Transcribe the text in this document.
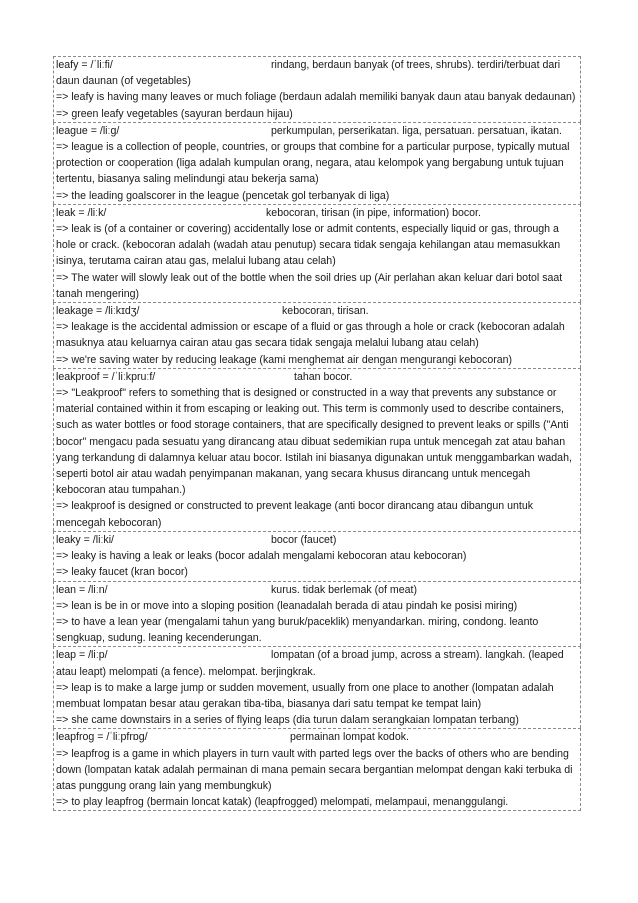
leafy = /ˈliːfi/	rindang, berdaun banyak (of trees, shrubs). terdiri/terbuat dari daun daunan (of vegetables)
=> leafy is having many leaves or much foliage (berdaun adalah memiliki banyak daun atau banyak dedaunan)
=> green leafy vegetables (sayuran berdaun hijau)
league = /liːɡ/	perkumpulan, perserikatan. liga, persatuan. persatuan, ikatan.
=> league is a collection of people, countries, or groups that combine for a particular purpose, typically mutual protection or cooperation (liga adalah kumpulan orang, negara, atau kelompok yang bergabung untuk tujuan tertentu, biasanya saling melindungi atau bekerja sama)
=> the leading goalscorer in the league (pencetak gol terbanyak di liga)
leak = /liːk/	kebocoran, tirisan (in pipe, information) bocor.
=> leak is (of a container or covering) accidentally lose or admit contents, especially liquid or gas, through a hole or crack. (kebocoran adalah (wadah atau penutup) secara tidak sengaja kehilangan atau memasukkan isinya, terutama cairan atau gas, melalui lubang atau celah)
=> The water will slowly leak out of the bottle when the soil dries up (Air perlahan akan keluar dari botol saat tanah mengering)
leakage = /liːkɪdʒ/	kebocoran, tirisan.
=> leakage is the accidental admission or escape of a fluid or gas through a hole or crack (kebocoran adalah masuknya atau keluarnya cairan atau gas secara tidak sengaja melalui lubang atau celah)
=> we're saving water by reducing leakage (kami menghemat air dengan mengurangi kebocoran)
leakproof = /ˈliːkpruːf/	tahan bocor.
=> "Leakproof" refers to something that is designed or constructed in a way that prevents any substance or material contained within it from escaping or leaking out. This term is commonly used to describe containers, such as water bottles or food storage containers, that are specifically designed to prevent leaks or spills ("Anti bocor" mengacu pada sesuatu yang dirancang atau dibuat sedemikian rupa untuk mencegah zat atau bahan yang terkandung di dalamnya keluar atau bocor. Istilah ini biasanya digunakan untuk menggambarkan wadah, seperti botol air atau wadah penyimpanan makanan, yang secara khusus dirancang untuk mencegah kebocoran atau tumpahan.)
=> leakproof is designed or constructed to prevent leakage (anti bocor dirancang atau dibangun untuk mencegah kebocoran)
leaky = /liːki/	bocor (faucet)
=> leaky is having a leak or leaks (bocor adalah mengalami kebocoran atau kebocoran)
=> leaky faucet (kran bocor)
lean = /liːn/	kurus. tidak berlemak (of meat)
=> lean is be in or move into a sloping position (leanadalah berada di atau pindah ke posisi miring)
=> to have a lean year (mengalami tahun yang buruk/paceklik) menyandarkan. miring, condong. leanto sengkuap, sudung. leaning kecenderungan.
leap = /liːp/	lompatan (of a broad jump, across a stream). langkah. (leaped atau leapt) melompati (a fence). melompat. berjingkrak.
=> leap is to make a large jump or sudden movement, usually from one place to another (lompatan adalah membuat lompatan besar atau gerakan tiba-tiba, biasanya dari satu tempat ke tempat lain)
=> she came downstairs in a series of flying leaps (dia turun dalam serangkaian lompatan terbang)
leapfrog = /ˈliːpfrɒɡ/	permainan lompat kodok.
=> leapfrog is a game in which players in turn vault with parted legs over the backs of others who are bending down (lompatan katak adalah permainan di mana pemain secara bergantian melompat dengan kaki terbuka di atas punggung orang lain yang membungkuk)
=> to play leapfrog (bermain loncat katak) (leapfrogged) melompati, melampaui, menanggulangi.
